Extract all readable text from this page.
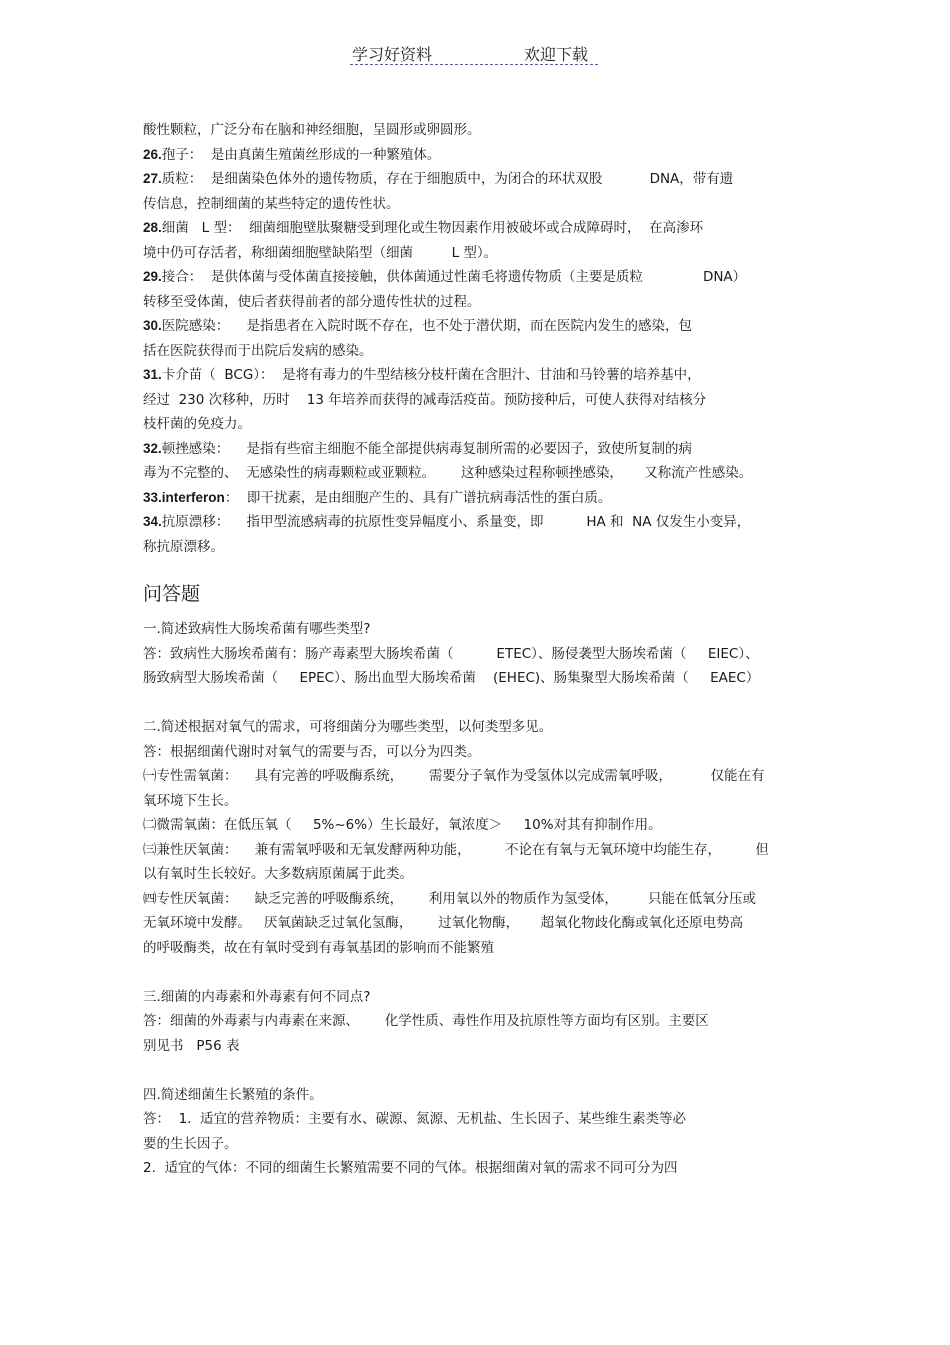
学习好资料	欢迎下载
酸性颗粒，广泛分布在脑和神经细胞，呈圆形或卵圆形。
26.孢子：  是由真菌生殖菌丝形成的一种繁殖体。
27.质粒：  是细菌染色体外的遗传物质，存在于细胞质中，为闭合的环状双股           DNA，带有遗
传信息，控制细菌的某些特定的遗传性状。
28.细菌   L 型：  细菌细胞壁肽聚糖受到理化或生物因素作用被破坏或合成障碍时，  在高渗环
境中仍可存活者，称细菌细胞壁缺陷型（细菌         L 型）。
29.接合：  是供体菌与受体菌直接接触，供体菌通过性菌毛将遗传物质（主要是质粒              DNA）
转移至受体菌，使后者获得前者的部分遗传性状的过程。
30.医院感染：    是指患者在入院时既不存在，也不处于潜伏期，而在医院内发生的感染，包
括在医院获得而于出院后发病的感染。
31.卡介苗（  BCG）：  是将有毒力的牛型结核分枝杆菌在含胆汁、甘油和马铃薯的培养基中，
经过  230 次移种，历时    13 年培养而获得的减毒活疫苗。预防接种后，可使人获得对结核分
枝杆菌的免疫力。
32.顿挫感染：    是指有些宿主细胞不能全部提供病毒复制所需的必要因子，致使所复制的病
毒为不完整的、  无感染性的病毒颗粒或亚颗粒。      这种感染过程称顿挫感染，     又称流产性感染。
33.interferon：  即干扰素，是由细胞产生的、具有广谱抗病毒活性的蛋白质。
34.抗原漂移：    指甲型流感病毒的抗原性变异幅度小、系量变，即          HA 和  NA 仅发生小变异，
称抗原漂移。
问答题
一.简述致病性大肠埃希菌有哪些类型?
答：致病性大肠埃希菌有：肠产毒素型大肠埃希菌（          ETEC）、肠侵袭型大肠埃希菌（     EIEC）、
肠致病型大肠埃希菌（     EPEC）、肠出血型大肠埃希菌    (EHEC)、肠集聚型大肠埃希菌（     EAEC）
二.简述根据对氧气的需求，可将细菌分为哪些类型，以何类型多见。
答：根据细菌代谢时对氧气的需要与否，可以分为四类。
㈠专性需氧菌：    具有完善的呼吸酶系统，      需要分子氧作为受氢体以完成需氧呼吸，         仅能在有
氧环境下生长。
㈡微需氧菌：在低压氧（     5%~6%）生长最好，氧浓度＞     10%对其有抑制作用。
㈢兼性厌氧菌：    兼有需氧呼吸和无氧发酵两种功能，        不论在有氧与无氧环境中均能生存，        但
以有氧时生长较好。大多数病原菌属于此类。
㈣专性厌氧菌：    缺乏完善的呼吸酶系统，      利用氧以外的物质作为氢受体，       只能在低氧分压或
无氧环境中发酵。   厌氧菌缺乏过氧化氢酶，      过氧化物酶，     超氧化物歧化酶或氧化还原电势高
的呼吸酶类，故在有氧时受到有毒氧基团的影响而不能繁殖
三.细菌的内毒素和外毒素有何不同点?
答：细菌的外毒素与内毒素在来源、      化学性质、毒性作用及抗原性等方面均有区别。主要区
别见书   P56 表
四.简述细菌生长繁殖的条件。
答：  1.  适宜的营养物质：主要有水、碳源、氮源、无机盐、生长因子、某些维生素类等必
要的生长因子。
2.  适宜的气体：不同的细菌生长繁殖需要不同的气体。根据细菌对氧的需求不同可分为四
